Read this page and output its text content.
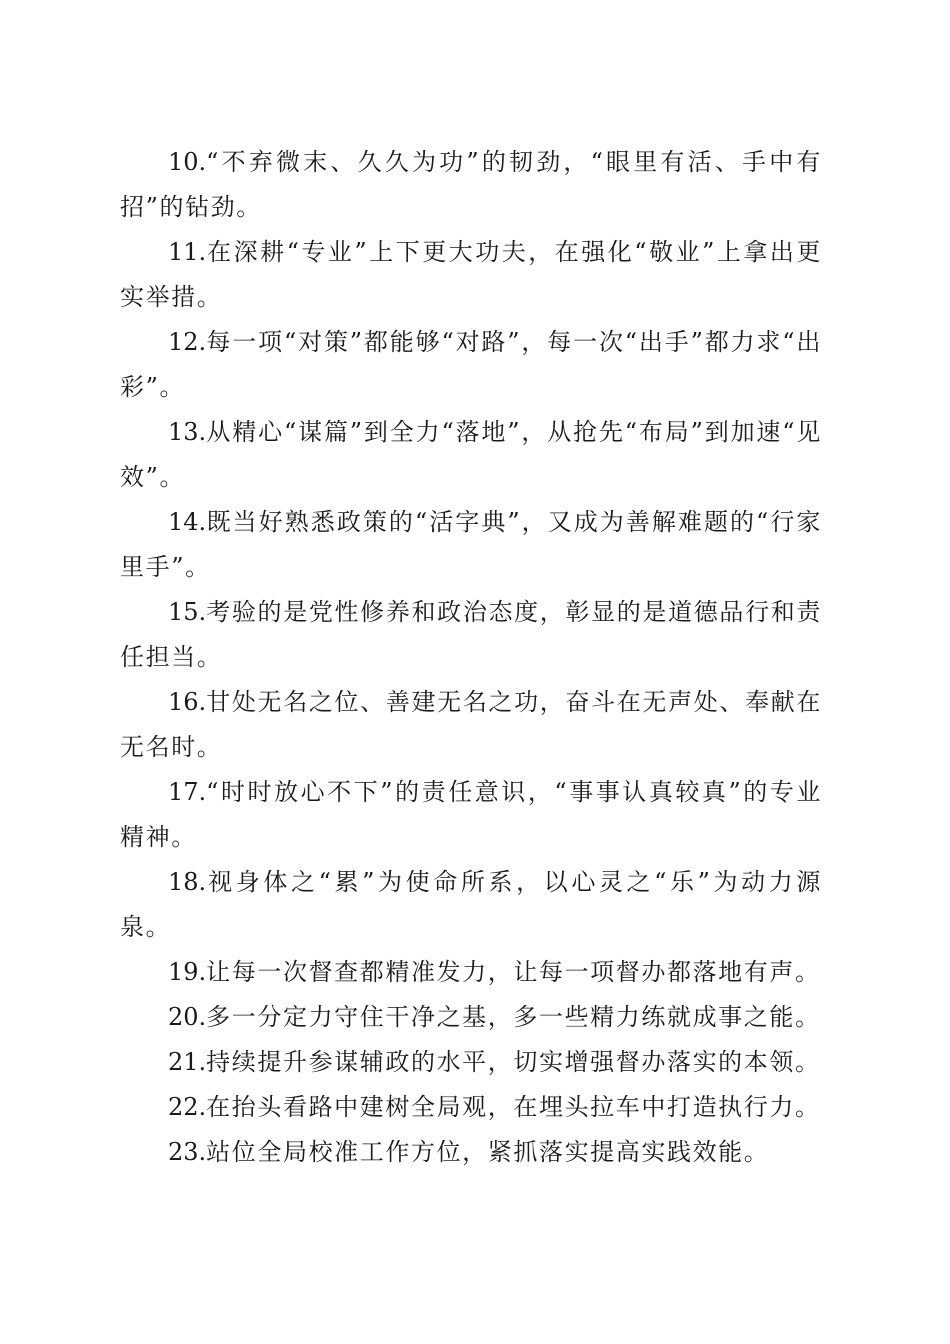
10.“不弃微末、久久为功”的韧劲，“眼里有活、手中有招”的钻劲。

11.在深耕“专业”上下更大功夫，在强化“敬业”上拿出更实举措。

12.每一项“对策”都能够“对路”，每一次“出手”都力求“出彩”。

13.从精心“谋篇”到全力“落地”，从抢先“布局”到加速“见效”。

14.既当好熟悉政策的“活字典”，又成为善解难题的“行家里手”。

15.考验的是党性修养和政治态度，彰显的是道德品行和责任担当。

16.甘处无名之位、善建无名之功，奋斗在无声处、奉献在无名时。

17.“时时放心不下”的责任意识，“事事认真较真”的专业精神。

18.视身体之“累”为使命所系，以心灵之“乐”为动力源泉。

19.让每一次督查都精准发力，让每一项督办都落地有声。

20.多一分定力守住干净之基，多一些精力练就成事之能。

21.持续提升参谋辅政的水平，切实增强督办落实的本领。

22.在抬头看路中建树全局观，在埋头拉车中打造执行力。

23.站位全局校准工作方位，紧抓落实提高实践效能。
